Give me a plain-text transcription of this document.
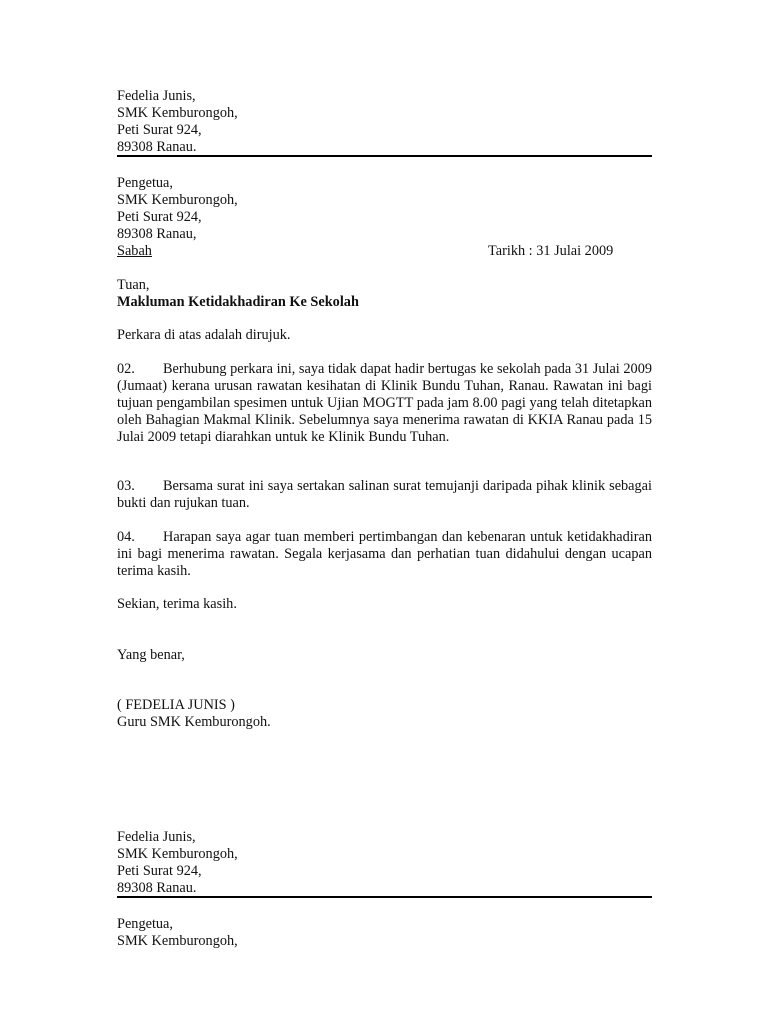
Fedelia Junis,
SMK Kemburongoh,
Peti Surat 924,
89308 Ranau.
Pengetua,
SMK Kemburongoh,
Peti Surat 924,
89308 Ranau,
Sabah	Tarikh : 31 Julai 2009
Tuan,
Makluman Ketidakhadiran Ke Sekolah
Perkara di atas adalah dirujuk.
02. Berhubung perkara ini, saya tidak dapat hadir bertugas ke sekolah pada 31 Julai 2009 (Jumaat) kerana urusan rawatan kesihatan di Klinik Bundu Tuhan, Ranau. Rawatan ini bagi tujuan pengambilan spesimen untuk Ujian MOGTT pada jam 8.00 pagi yang telah ditetapkan oleh Bahagian Makmal Klinik. Sebelumnya saya menerima rawatan di KKIA Ranau pada 15 Julai 2009 tetapi diarahkan untuk ke Klinik Bundu Tuhan.
03. Bersama surat ini saya sertakan salinan surat temujanji daripada pihak klinik sebagai bukti dan rujukan tuan.
04. Harapan saya agar tuan memberi pertimbangan dan kebenaran untuk ketidakhadiran ini bagi menerima rawatan. Segala kerjasama dan perhatian tuan didahului dengan ucapan terima kasih.
Sekian, terima kasih.
Yang benar,
( FEDELIA JUNIS )
Guru SMK Kemburongoh.
Fedelia Junis,
SMK Kemburongoh,
Peti Surat 924,
89308 Ranau.
Pengetua,
SMK Kemburongoh,
